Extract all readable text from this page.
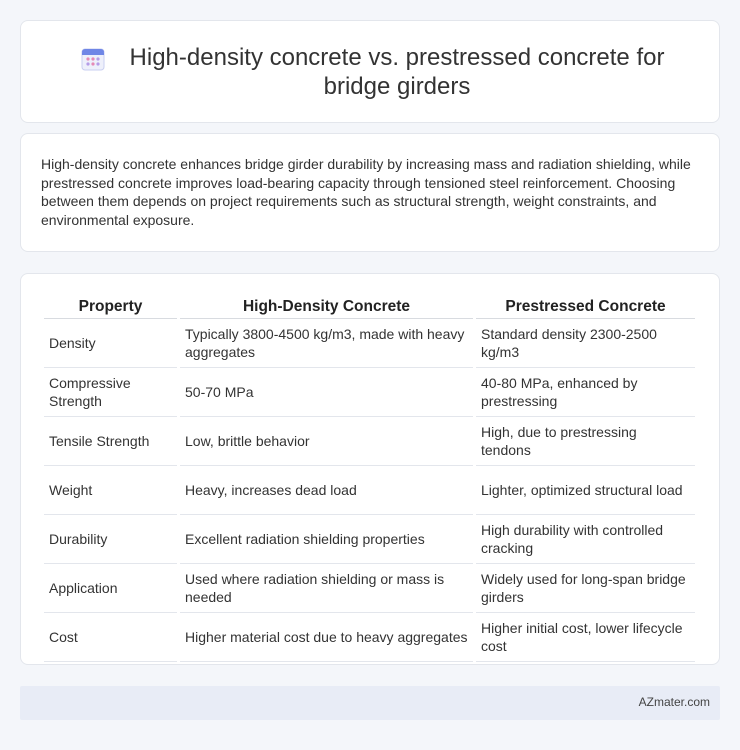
High-density concrete vs. prestressed concrete for bridge girders

High-density concrete enhances bridge girder durability by increasing mass and radiation shielding, while prestressed concrete improves load-bearing capacity through tensioned steel reinforcement. Choosing between them depends on project requirements such as structural strength, weight constraints, and environmental exposure.

Property	High-Density Concrete	Prestressed Concrete
Density	Typically 3800-4500 kg/m3, made with heavy aggregates	Standard density 2300-2500 kg/m3
Compressive Strength	50-70 MPa	40-80 MPa, enhanced by prestressing
Tensile Strength	Low, brittle behavior	High, due to prestressing tendons
Weight	Heavy, increases dead load	Lighter, optimized structural load
Durability	Excellent radiation shielding properties	High durability with controlled cracking
Application	Used where radiation shielding or mass is needed	Widely used for long-span bridge girders
Cost	Higher material cost due to heavy aggregates	Higher initial cost, lower lifecycle cost
AZmater.com
